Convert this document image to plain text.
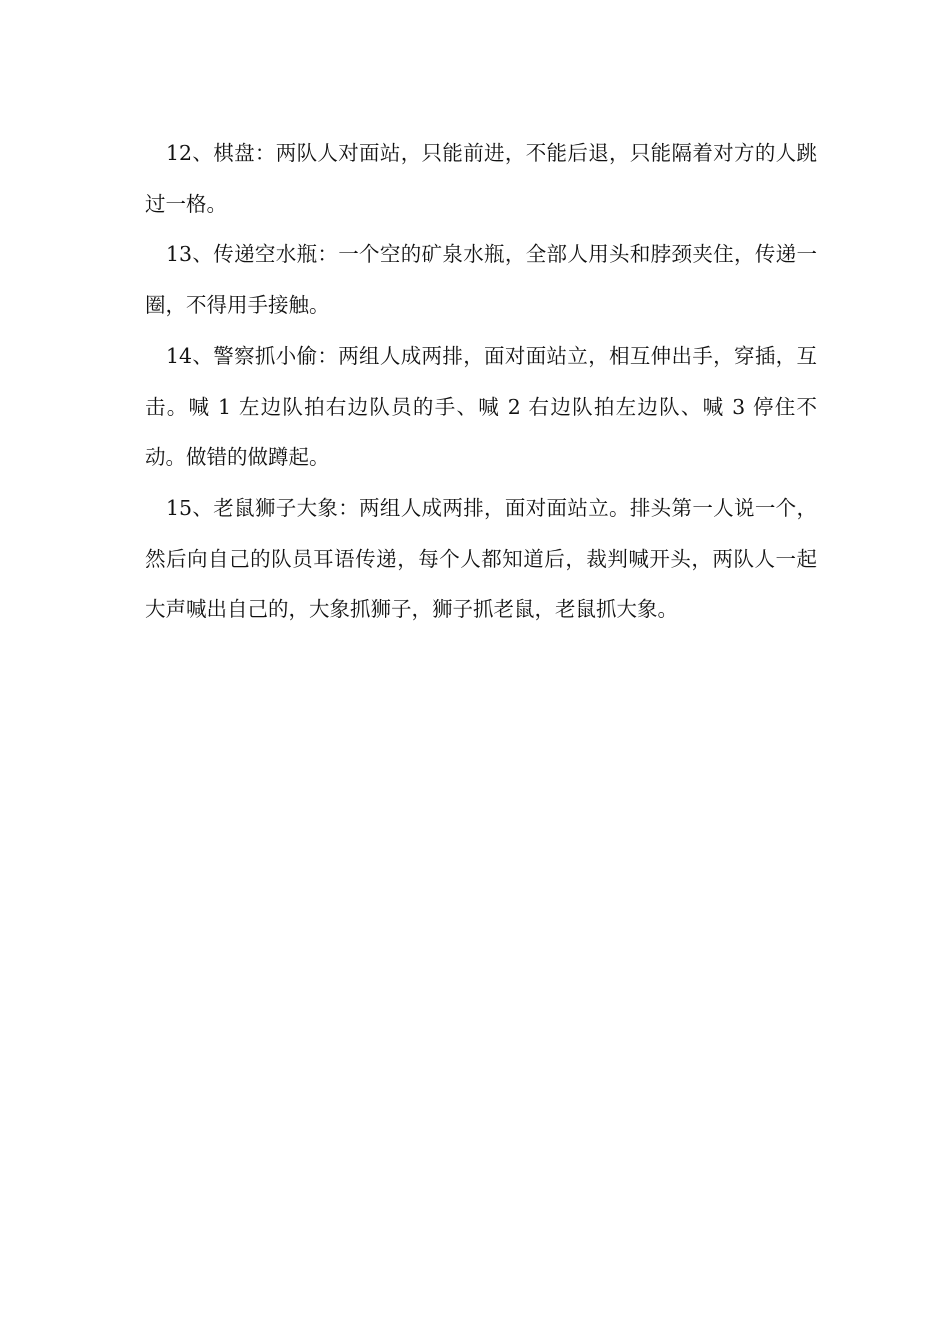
12、棋盘：两队人对面站，只能前进，不能后退，只能隔着对方的人跳过一格。

13、传递空水瓶：一个空的矿泉水瓶，全部人用头和脖颈夹住，传递一圈，不得用手接触。

14、警察抓小偷：两组人成两排，面对面站立，相互伸出手，穿插，互击。喊 1 左边队拍右边队员的手、喊 2 右边队拍左边队、喊 3 停住不动。做错的做蹲起。

15、老鼠狮子大象：两组人成两排，面对面站立。排头第一人说一个，然后向自己的队员耳语传递，每个人都知道后，裁判喊开头，两队人一起大声喊出自己的，大象抓狮子，狮子抓老鼠，老鼠抓大象。
